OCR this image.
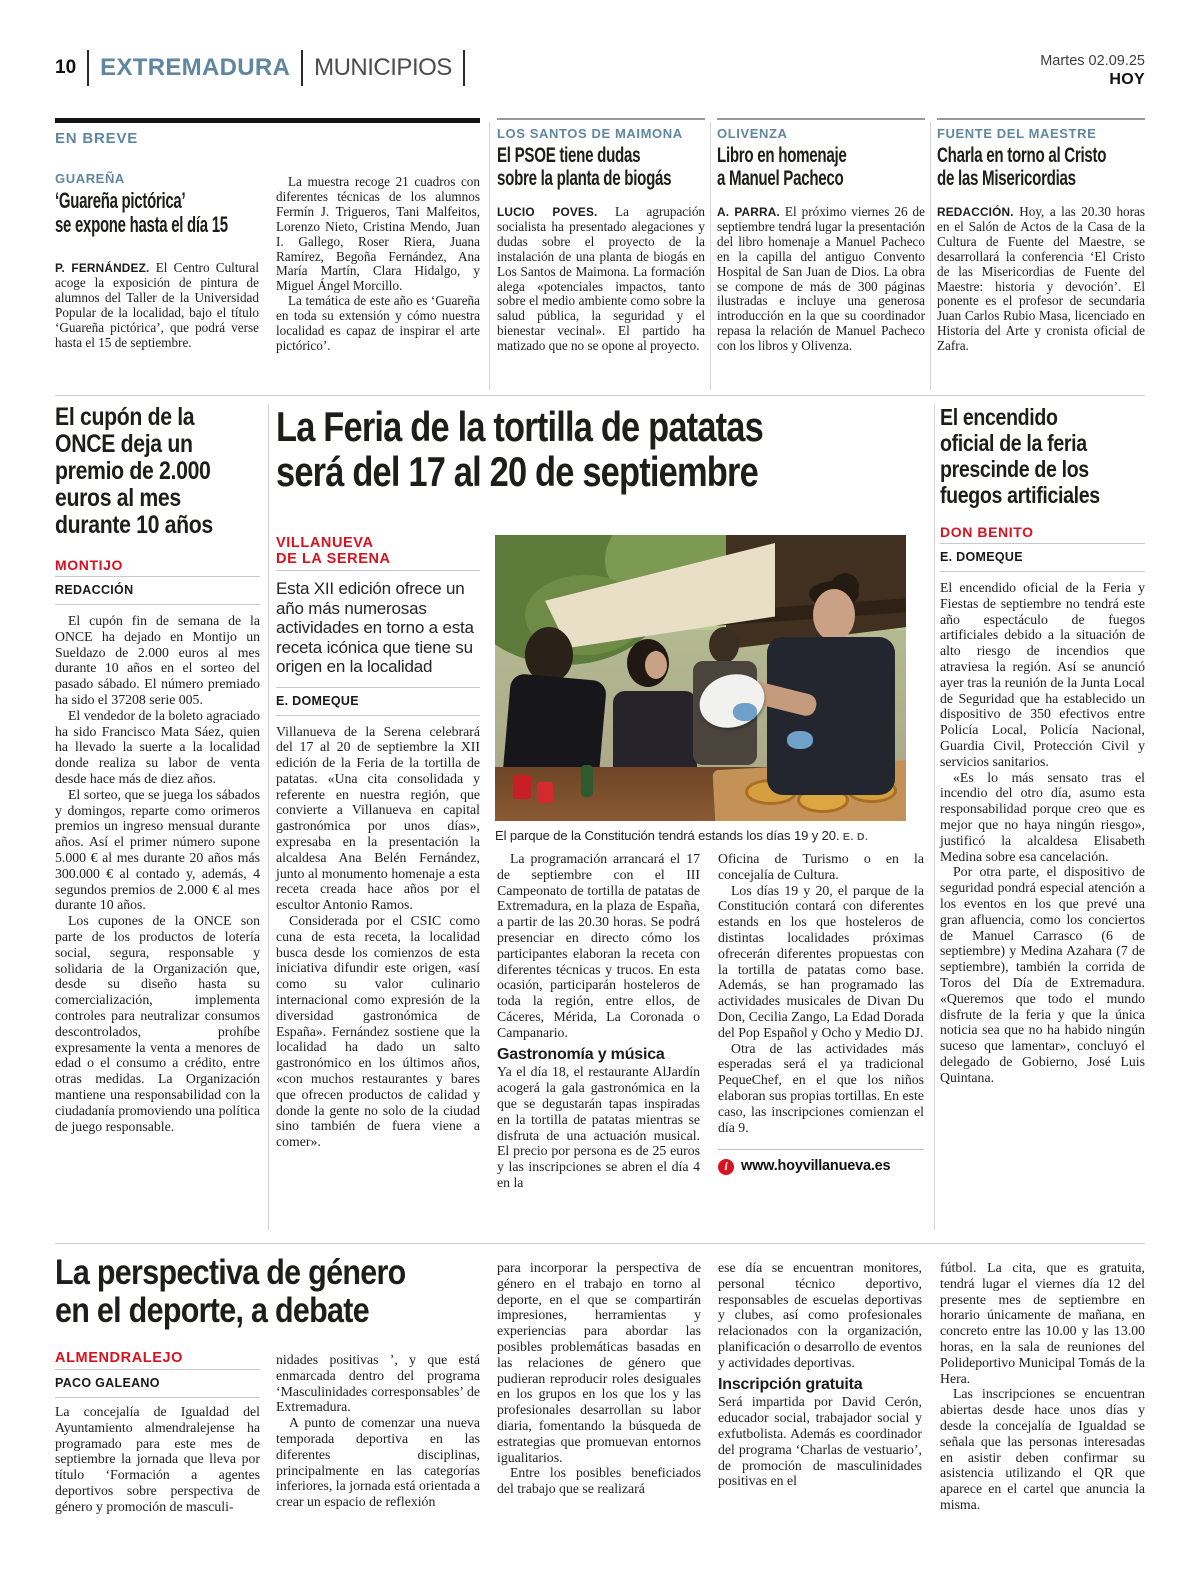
10 EXTREMADURA MUNICIPIOS	Martes 02.09.25
HOY
EN BREVE
GUAREÑA
‘Guareña pictórica’
se expone hasta el día 15

P. FERNÁNDEZ. El Centro Cultural acoge la exposición de pintura de alumnos del Taller de la Universidad Popular de la localidad, bajo el título ‘Guareña pictórica’, que podrá verse hasta el 15 de septiembre.

La muestra recoge 21 cuadros con diferentes técnicas de los alumnos Fermín J. Trigueros, Tani Malfeitos, Lorenzo Nieto, Cristina Mendo, Juan I. Gallego, Roser Riera, Juana Ramírez, Begoña Fernández, Ana María Martín, Clara Hidalgo, y Miguel Ángel Morcillo.

La temática de este año es ‘Guareña en toda su extensión y cómo nuestra localidad es capaz de inspirar el arte pictórico’.

LOS SANTOS DE MAIMONA
El PSOE tiene dudas
sobre la planta de biogás

LUCIO POVES. La agrupación socialista ha presentado alegaciones y dudas sobre el proyecto de la instalación de una planta de biogás en Los Santos de Maimona. La formación alega «potenciales impactos, tanto sobre el medio ambiente como sobre la salud pública, la seguridad y el bienestar vecinal». El partido ha matizado que no se opone al proyecto.

OLIVENZA
Libro en homenaje
a Manuel Pacheco

A. PARRA. El próximo viernes 26 de septiembre tendrá lugar la presentación del libro homenaje a Manuel Pacheco en la capilla del antiguo Convento Hospital de San Juan de Dios. La obra se compone de más de 300 páginas ilustradas e incluye una generosa introducción en la que su coordinador repasa la relación de Manuel Pacheco con los libros y Olivenza.

FUENTE DEL MAESTRE
Charla en torno al Cristo
de las Misericordias

REDACCIÓN. Hoy, a las 20.30 horas en el Salón de Actos de la Casa de la Cultura de Fuente del Maestre, se desarrollará la conferencia ‘El Cristo de las Misericordias de Fuente del Maestre: historia y devoción’. El ponente es el profesor de secundaria Juan Carlos Rubio Masa, licenciado en Historia del Arte y cronista oficial de Zafra.

El cupón de la
ONCE deja un
premio de 2.000
euros al mes
durante 10 años
MONTIJO
REDACCIÓN

El cupón fin de semana de la ONCE ha dejado en Montijo un Sueldazo de 2.000 euros al mes durante 10 años en el sorteo del pasado sábado. El número premiado ha sido el 37208 serie 005.

El vendedor de la boleto agraciado ha sido Francisco Mata Sáez, quien ha llevado la suerte a la localidad donde realiza su labor de venta desde hace más de diez años.

El sorteo, que se juega los sábados y domingos, reparte como orimeros premios un ingreso mensual durante años. Así el primer número supone 5.000 € al mes durante 20 años más 300.000 € al contado y, además, 4 segundos premios de 2.000 € al mes durante 10 años.

Los cupones de la ONCE son parte de los productos de lotería social, segura, responsable y solidaria de la Organización que, desde su diseño hasta su comercialización, implementa controles para neutralizar consumos descontrolados, prohíbe expresamente la venta a menores de edad o el consumo a crédito, entre otras medidas. La Organización mantiene una responsabilidad con la ciudadanía promoviendo una política de juego responsable.

La Feria de la tortilla de patatas
será del 17 al 20 de septiembre
VILLANUEVA
DE LA SERENA
Esta XII edición ofrece un año más numerosas actividades en torno a esta receta icónica que tiene su origen en la localidad
E. DOMEQUE

Villanueva de la Serena celebrará del 17 al 20 de septiembre la XII edición de la Feria de la tortilla de patatas. «Una cita consolidada y referente en nuestra región, que convierte a Villanueva en capital gastronómica por unos días», expresaba en la presentación la alcaldesa Ana Belén Fernández, junto al monumento homenaje a esta receta creada hace años por el escultor Antonio Ramos.

Considerada por el CSIC como cuna de esta receta, la localidad busca desde los comienzos de esta iniciativa difundir este origen, «así como su valor culinario internacional como expresión de la diversidad gastronómica de España». Fernández sostiene que la localidad ha dado un salto gastronómico en los últimos años, «con muchos restaurantes y bares que ofrecen productos de calidad y donde la gente no solo de la ciudad sino también de fuera viene a comer».

El parque de la Constitución tendrá estands los días 19 y 20. E. D.

La programación arrancará el 17 de septiembre con el III Campeonato de tortilla de patatas de Extremadura, en la plaza de España, a partir de las 20.30 horas. Se podrá presenciar en directo cómo los participantes elaboran la receta con diferentes técnicas y trucos. En esta ocasión, participarán hosteleros de toda la región, entre ellos, de Cáceres, Mérida, La Coronada o Campanario.

Gastronomía y música

Ya el día 18, el restaurante AlJardín acogerá la gala gastronómica en la que se degustarán tapas inspiradas en la tortilla de patatas mientras se disfruta de una actuación musical. El precio por persona es de 25 euros y las inscripciones se abren el día 4 en la

Oficina de Turismo o en la concejalía de Cultura.

Los días 19 y 20, el parque de la Constitución contará con diferentes estands en los que hosteleros de distintas localidades próximas ofrecerán diferentes propuestas con la tortilla de patatas como base. Además, se han programado las actividades musicales de Divan Du Don, Cecilia Zango, La Edad Dorada del Pop Español y Ocho y Medio DJ.

Otra de las actividades más esperadas será el ya tradicional PequeChef, en el que los niños elaboran sus propias tortillas. En este caso, las inscripciones comienzan el día 9.

i www.hoyvillanueva.es
El encendido
oficial de la feria
prescinde de los
fuegos artificiales
DON BENITO
E. DOMEQUE

El encendido oficial de la Feria y Fiestas de septiembre no tendrá este año espectáculo de fuegos artificiales debido a la situación de alto riesgo de incendios que atraviesa la región. Así se anunció ayer tras la reunión de la Junta Local de Seguridad que ha establecido un dispositivo de 350 efectivos entre Policía Local, Policía Nacional, Guardia Civil, Protección Civil y servicios sanitarios.

«Es lo más sensato tras el incendio del otro día, asumo esta responsabilidad porque creo que es mejor que no haya ningún riesgo», justificó la alcaldesa Elisabeth Medina sobre esa cancelación.

Por otra parte, el dispositivo de seguridad pondrá especial atención a los eventos en los que prevé una gran afluencia, como los conciertos de Manuel Carrasco (6 de septiembre) y Medina Azahara (7 de septiembre), también la corrida de Toros del Día de Extremadura. «Queremos que todo el mundo disfrute de la feria y que la única noticia sea que no ha habido ningún suceso que lamentar», concluyó el delegado de Gobierno, José Luis Quintana.

La perspectiva de género
en el deporte, a debate
ALMENDRALEJO
PACO GALEANO

La concejalía de Igualdad del Ayuntamiento almendralejense ha programado para este mes de septiembre la jornada que lleva por título ‘Formación a agentes deportivos sobre perspectiva de género y promoción de masculi-

nidades positivas ’, y que está enmarcada dentro del programa ‘Masculinidades corresponsables’ de Extremadura.

A punto de comenzar una nueva temporada deportiva en las diferentes disciplinas, principalmente en las categorías inferiores, la jornada está orientada a crear un espacio de reflexión

para incorporar la perspectiva de género en el trabajo en torno al deporte, en el que se compartirán impresiones, herramientas y experiencias para abordar las posibles problemáticas basadas en las relaciones de género que pudieran reproducir roles desiguales en los grupos en los que los y las profesionales desarrollan su labor diaria, fomentando la búsqueda de estrategias que promuevan entornos igualitarios.

Entre los posibles beneficiados del trabajo que se realizará

ese día se encuentran monitores, personal técnico deportivo, responsables de escuelas deportivas y clubes, así como profesionales relacionados con la organización, planificación o desarrollo de eventos y actividades deportivas.

Inscripción gratuita

Será impartida por David Cerón, educador social, trabajador social y exfutbolista. Además es coordinador del programa ‘Charlas de vestuario’, de promoción de masculinidades positivas en el

fútbol. La cita, que es gratuita, tendrá lugar el viernes día 12 del presente mes de septiembre en horario únicamente de mañana, en concreto entre las 10.00 y las 13.00 horas, en la sala de reuniones del Polideportivo Municipal Tomás de la Hera.

Las inscripciones se encuentran abiertas desde hace unos días y desde la concejalía de Igualdad se señala que las personas interesadas en asistir deben confirmar su asistencia utilizando el QR que aparece en el cartel que anuncia la misma.
